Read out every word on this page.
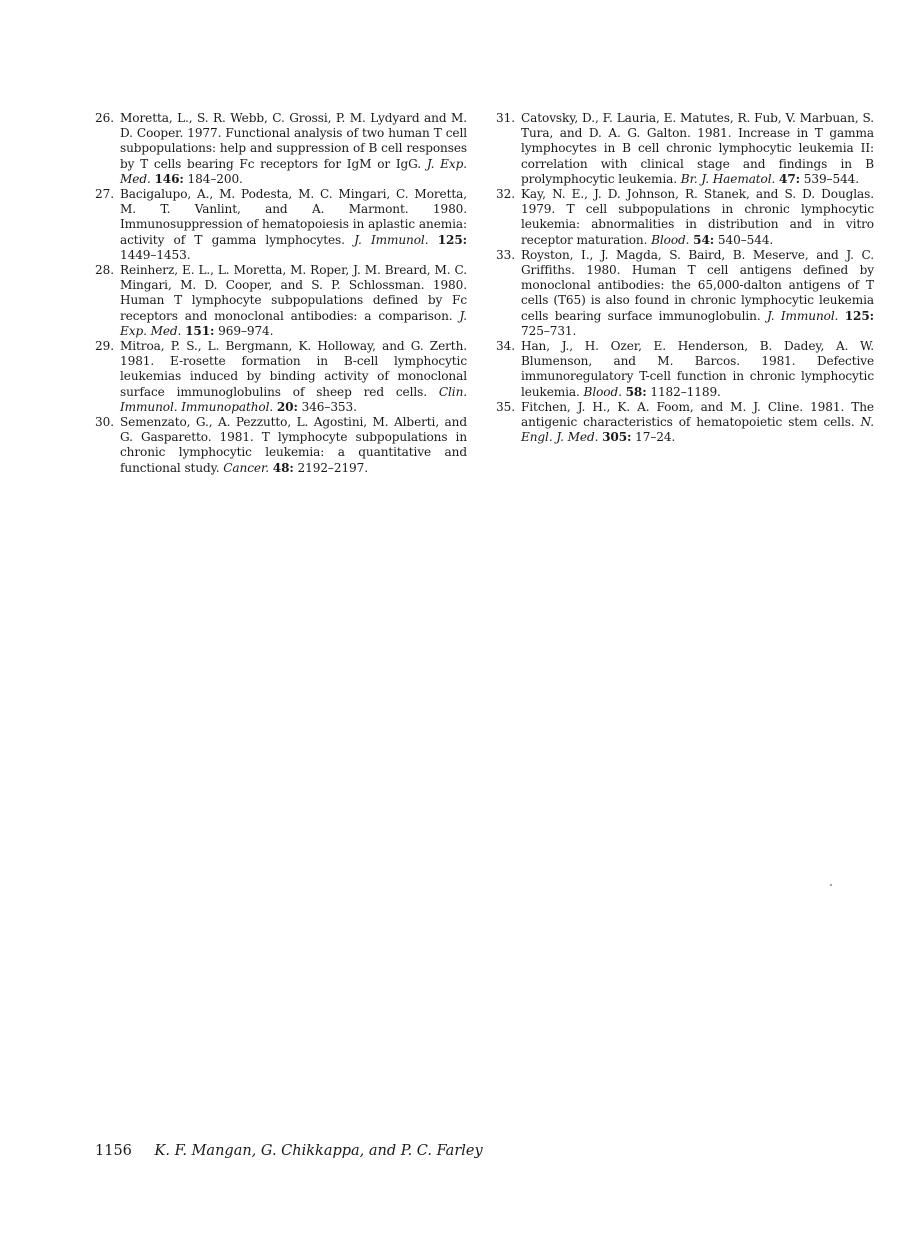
26. Moretta, L., S. R. Webb, C. Grossi, P. M. Lydyard and M. D. Cooper. 1977. Functional analysis of two human T cell subpopulations: help and suppression of B cell responses by T cells bearing Fc receptors for IgM or IgG. J. Exp. Med. 146: 184–200.
27. Bacigalupo, A., M. Podesta, M. C. Mingari, C. Moretta, M. T. Vanlint, and A. Marmont. 1980. Immunosuppression of hematopoiesis in aplastic anemia: activity of T gamma lymphocytes. J. Immunol. 125: 1449–1453.
28. Reinherz, E. L., L. Moretta, M. Roper, J. M. Breard, M. C. Mingari, M. D. Cooper, and S. P. Schlossman. 1980. Human T lymphocyte subpopulations defined by Fc receptors and monoclonal antibodies: a comparison. J. Exp. Med. 151: 969–974.
29. Mitroa, P. S., L. Bergmann, K. Holloway, and G. Zerth. 1981. E-rosette formation in B-cell lymphocytic leukemias induced by binding activity of monoclonal surface immunoglobulins of sheep red cells. Clin. Immunol. Immunopathol. 20: 346–353.
30. Semenzato, G., A. Pezzutto, L. Agostini, M. Alberti, and G. Gasparetto. 1981. T lymphocyte subpopulations in chronic lymphocytic leukemia: a quantitative and functional study. Cancer. 48: 2192–2197.
31. Catovsky, D., F. Lauria, E. Matutes, R. Fub, V. Marbuan, S. Tura, and D. A. G. Galton. 1981. Increase in T gamma lymphocytes in B cell chronic lymphocytic leukemia II: correlation with clinical stage and findings in B prolymphocytic leukemia. Br. J. Haematol. 47: 539–544.
32. Kay, N. E., J. D. Johnson, R. Stanek, and S. D. Douglas. 1979. T cell subpopulations in chronic lymphocytic leukemia: abnormalities in distribution and in vitro receptor maturation. Blood. 54: 540–544.
33. Royston, I., J. Magda, S. Baird, B. Meserve, and J. C. Griffiths. 1980. Human T cell antigens defined by monoclonal antibodies: the 65,000-dalton antigens of T cells (T65) is also found in chronic lymphocytic leukemia cells bearing surface immunoglobulin. J. Immunol. 125: 725–731.
34. Han, J., H. Ozer, E. Henderson, B. Dadey, A. W. Blumenson, and M. Barcos. 1981. Defective immunoregulatory T-cell function in chronic lymphocytic leukemia. Blood. 58: 1182–1189.
35. Fitchen, J. H., K. A. Foom, and M. J. Cline. 1981. The antigenic characteristics of hematopoietic stem cells. N. Engl. J. Med. 305: 17–24.
1156 K. F. Mangan, G. Chikkappa, and P. C. Farley
